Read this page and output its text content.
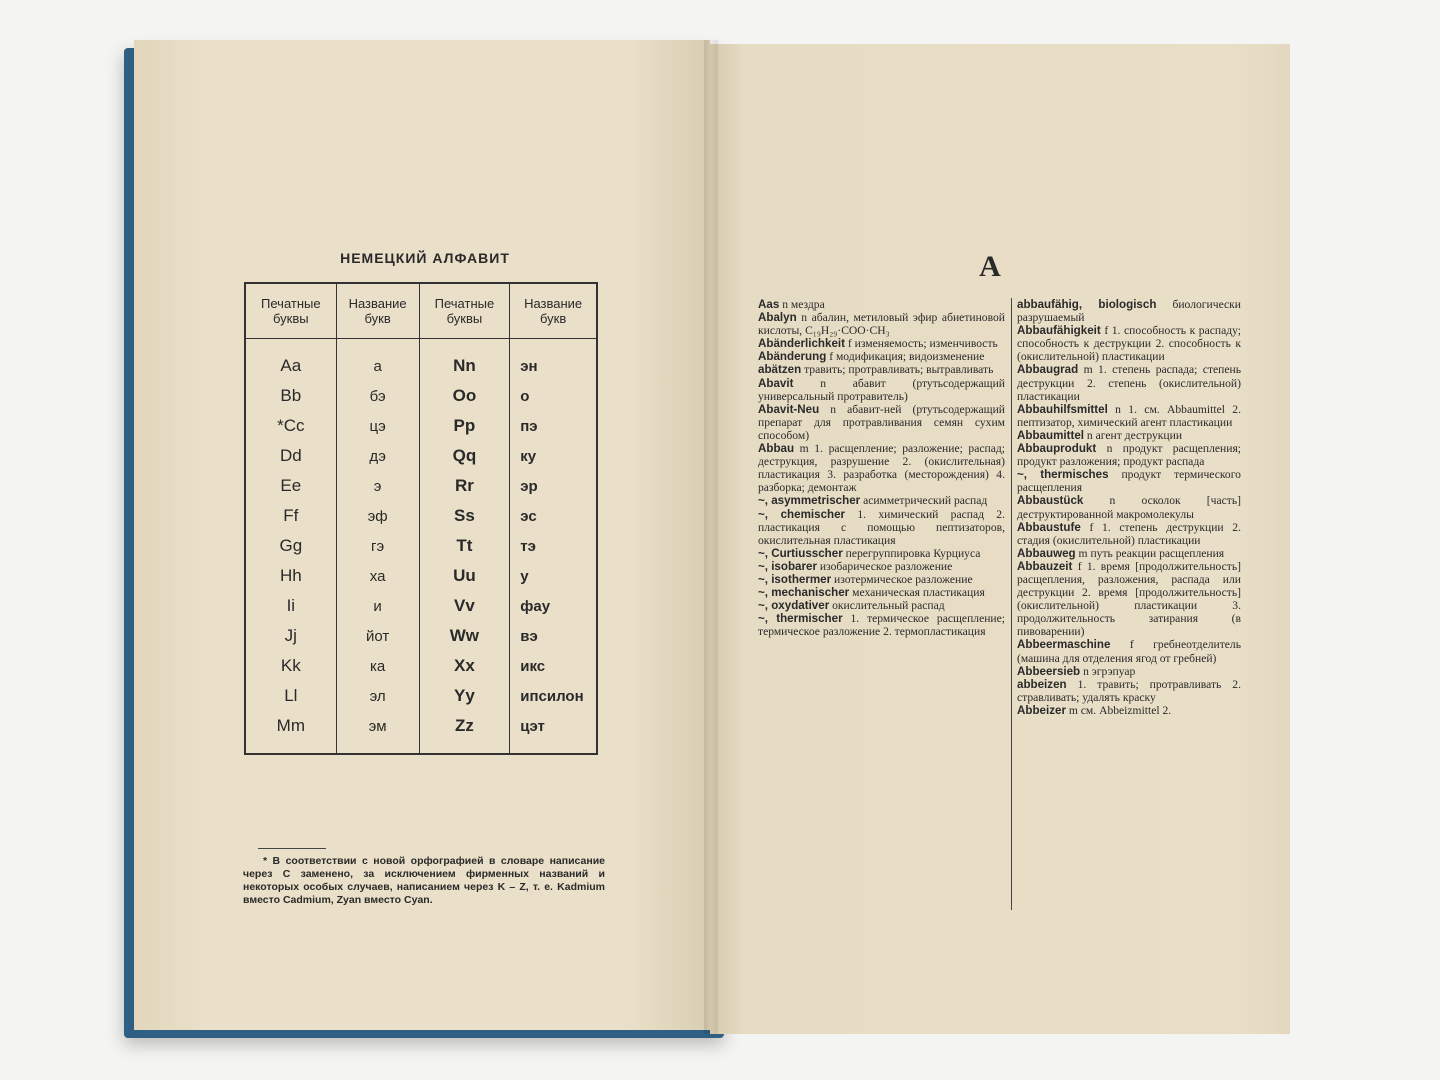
НЕМЕЦКИЙ АЛФАВИТ
Печатные буквы	Название букв	Печатные буквы	Название букв
Aa	а	Nn	эн
Bb	бэ	Oo	о
*Cc	цэ	Pp	пэ
Dd	дэ	Qq	ку
Ee	э	Rr	эр
Ff	эф	Ss	эс
Gg	гэ	Tt	тэ
Hh	ха	Uu	у
Ii	и	Vv	фау
Jj	йот	Ww	вэ
Kk	ка	Xx	икс
Ll	эл	Yy	ипсилон
Mm	эм	Zz	цэт
* В соответствии с новой орфографией в словаре написание через С заменено, за исключением фирменных названий и некоторых особых случаев, написанием через K – Z, т. е. Kadmium вместо Cadmium, Zyan вместо Cyan.
A

Aas n мездра

Abalyn n абалин, метиловый эфир абиетиновой кислоты, C₁₉H₂₉·COO·CH₃

Abänderlichkeit f изменяемость; изменчивость

Abänderung f модификация; видоизменение

abätzen травить; протравливать; вытравливать

Abavit n абавит (ртутьсодержащий универсальный протравитель)

Abavit-Neu n абавит-ней (ртутьсодержащий препарат для протравливания семян сухим способом)

Abbau m 1. расщепление; разложение; распад; деструкция, разрушение 2. (окислительная) пластикация 3. разработка (месторождения) 4. разборка; демонтаж

~, asymmetrischer асимметрический распад

~, chemischer 1. химический распад 2. пластикация с помощью пептизаторов, окислительная пластикация

~, Curtiusscher перегруппировка Курциуса

~, isobarer изобарическое разложение

~, isothermer изотермическое разложение

~, mechanischer механическая пластикация

~, oxydativer окислительный распад

~, thermischer 1. термическое расщепление; термическое разложение 2. термопластикация

abbaufähig, biologisch биологически разрушаемый

Abbaufähigkeit f 1. способность к распаду; способность к деструкции 2. способность к (окислительной) пластикации

Abbaugrad m 1. степень распада; степень деструкции 2. степень (окислительной) пластикации

Abbauhilfsmittel n 1. см. Abbaumittel 2. пептизатор, химический агент пластикации

Abbaumittel n агент деструкции

Abbauprodukt n продукт расщепления; продукт разложения; продукт распада

~, thermisches продукт термического расщепления

Abbaustück n осколок [часть] деструктированной макромолекулы

Abbaustufe f 1. степень деструкции 2. стадия (окислительной) пластикации

Abbauweg m путь реакции расщепления

Abbauzeit f 1. время [продолжительность] расщепления, разложения, распада или деструкции 2. время [продолжительность] (окислительной) пластикации 3. продолжительность затирания (в пивоварении)

Abbeermaschine f гребнеотделитель (машина для отделения ягод от гребней)

Abbeersieb n эгрэпуар

abbeizen 1. травить; протравливать 2. стравливать; удалять краску

Abbeizer m см. Abbeizmittel 2.
